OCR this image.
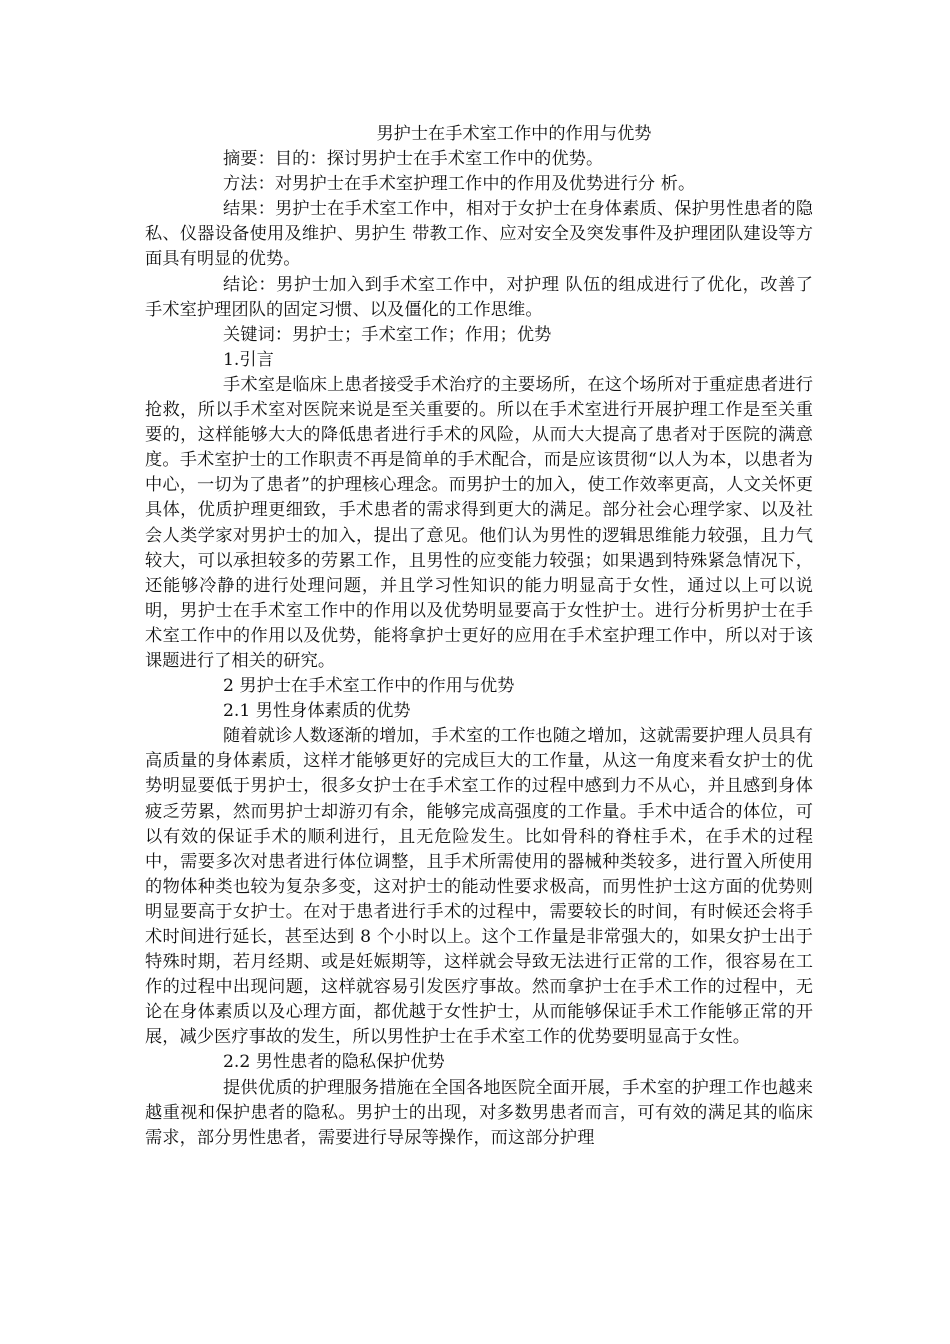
男护士在手术室工作中的作用与优势

摘要：目的：探讨男护士在手术室工作中的优势。

方法：对男护士在手术室护理工作中的作用及优势进行分 析。

结果：男护士在手术室工作中，相对于女护士在身体素质、保护男性患者的隐私、仪器设备使用及维护、男护生 带教工作、应对安全及突发事件及护理团队建设等方面具有明显的优势。

结论：男护士加入到手术室工作中，对护理 队伍的组成进行了优化，改善了手术室护理团队的固定习惯、以及僵化的工作思维。

关键词：男护士；手术室工作；作用；优势

1.引言

手术室是临床上患者接受手术治疗的主要场所，在这个场所对于重症患者进行抢救，所以手术室对医院来说是至关重要的。所以在手术室进行开展护理工作是至关重要的，这样能够大大的降低患者进行手术的风险，从而大大提高了患者对于医院的满意度。手术室护士的工作职责不再是简单的手术配合，而是应该贯彻“以人为本，以患者为中心，一切为了患者”的护理核心理念。而男护士的加入，使工作效率更高，人文关怀更具体，优质护理更细致，手术患者的需求得到更大的满足。部分社会心理学家、以及社会人类学家对男护士的加入，提出了意见。他们认为男性的逻辑思维能力较强，且力气较大，可以承担较多的劳累工作，且男性的应变能力较强；如果遇到特殊紧急情况下，还能够冷静的进行处理问题，并且学习性知识的能力明显高于女性，通过以上可以说明，男护士在手术室工作中的作用以及优势明显要高于女性护士。进行分析男护士在手术室工作中的作用以及优势，能将拿护士更好的应用在手术室护理工作中，所以对于该课题进行了相关的研究。

2 男护士在手术室工作中的作用与优势
2.1 男性身体素质的优势

随着就诊人数逐渐的增加，手术室的工作也随之增加，这就需要护理人员具有高质量的身体素质，这样才能够更好的完成巨大的工作量，从这一角度来看女护士的优势明显要低于男护士，很多女护士在手术室工作的过程中感到力不从心，并且感到身体疲乏劳累，然而男护士却游刃有余，能够完成高强度的工作量。手术中适合的体位，可以有效的保证手术的顺利进行，且无危险发生。比如骨科的脊柱手术，在手术的过程中，需要多次对患者进行体位调整，且手术所需使用的器械种类较多，进行置入所使用的物体种类也较为复杂多变，这对护士的能动性要求极高，而男性护士这方面的优势则明显要高于女护士。在对于患者进行手术的过程中，需要较长的时间，有时候还会将手术时间进行延长，甚至达到 8 个小时以上。这个工作量是非常强大的，如果女护士出于特殊时期，若月经期、或是妊娠期等，这样就会导致无法进行正常的工作，很容易在工作的过程中出现问题，这样就容易引发医疗事故。然而拿护士在手术工作的过程中，无论在身体素质以及心理方面，都优越于女性护士，从而能够保证手术工作能够正常的开展，减少医疗事故的发生，所以男性护士在手术室工作的优势要明显高于女性。

2.2 男性患者的隐私保护优势

提供优质的护理服务措施在全国各地医院全面开展，手术室的护理工作也越来越重视和保护患者的隐私。男护士的出现，对多数男患者而言，可有效的满足其的临床需求，部分男性患者，需要进行导尿等操作，而这部分护理
